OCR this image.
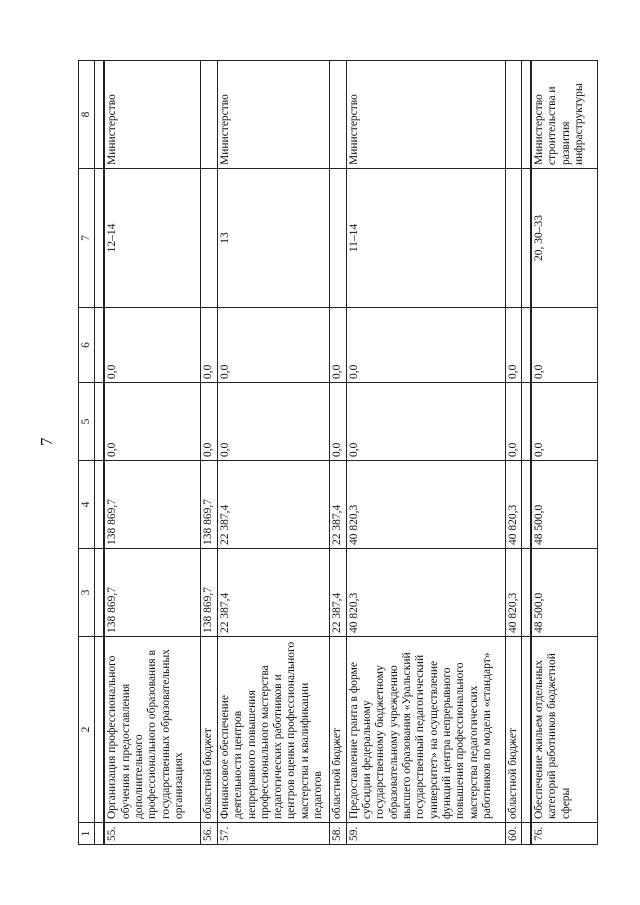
7
1	2	3	4	5	6	7	8

55.	Организация профессионального обучения и предоставления дополнительного профессионального образования в государственных образовательных организациях	138 869,7	138 869,7	0,0	0,0	12–14	Министерство
56.	областной бюджет	138 869,7	138 869,7	0,0	0,0		
57.	Финансовое обеспечение деятельности центров непрерывного повышения профессионального мастерства педагогических работников и центров оценки профессионального мастерства и квалификации педагогов	22 387,4	22 387,4	0,0	0,0	13	Министерство
58.	областной бюджет	22 387,4	22 387,4	0,0	0,0		
59.	Предоставление гранта в форме субсидии федеральному государственному бюджетному образовательному учреждению высшего образования «Уральский государственный педагогический университет» на осуществление функций центра непрерывного повышения профессионального мастерства педагогических работников по модели «стандарт»	40 820,3	40 820,3	0,0	0,0	11–14	Министерство
60.	областной бюджет	40 820,3	40 820,3	0,0	0,0		

76.	Обеспечение жильем отдельных категорий работников бюджетной сферы	48 500,0	48 500,0	0,0	0,0	20, 30–33	Министерство строительства и развития инфраструктуры
